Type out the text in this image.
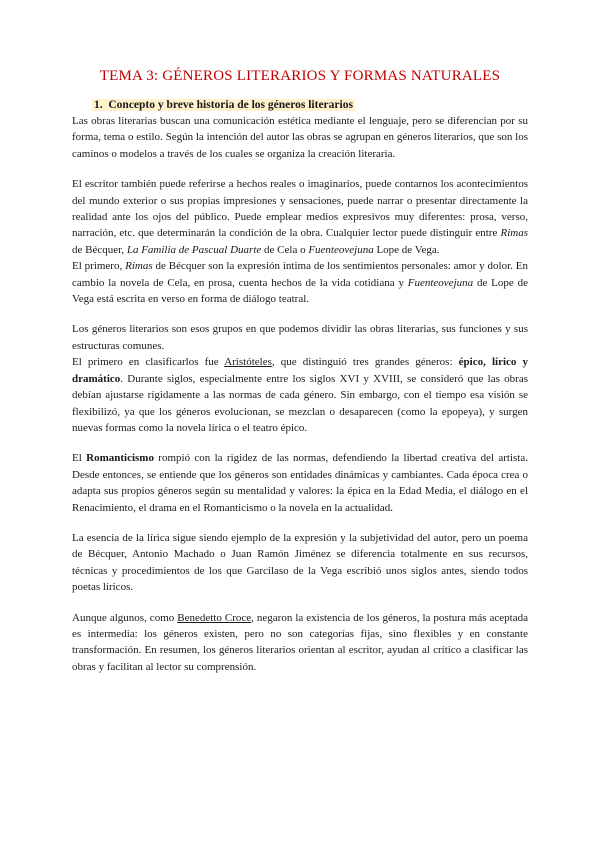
TEMA 3: GÉNEROS LITERARIOS Y FORMAS NATURALES
1. Concepto y breve historia de los géneros literarios

Las obras literarias buscan una comunicación estética mediante el lenguaje, pero se diferencian por su forma, tema o estilo. Según la intención del autor las obras se agrupan en géneros literarios, que son los caminos o modelos a través de los cuales se organiza la creación literaria.

El escritor también puede referirse a hechos reales o imaginarios, puede contarnos los acontecimientos del mundo exterior o sus propias impresiones y sensaciones, puede narrar o presentar directamente la realidad ante los ojos del público. Puede emplear medios expresivos muy diferentes: prosa, verso, narración, etc. que determinarán la condición de la obra. Cualquier lector puede distinguir entre Rimas de Bécquer, La Familia de Pascual Duarte de Cela o Fuenteovejuna Lope de Vega.

El primero, Rimas de Bécquer son la expresión íntima de los sentimientos personales: amor y dolor. En cambio la novela de Cela, en prosa, cuenta hechos de la vida cotidiana y Fuenteovejuna de Lope de Vega está escrita en verso en forma de diálogo teatral.

Los géneros literarios son esos grupos en que podemos dividir las obras literarias, sus funciones y sus estructuras comunes.

El primero en clasificarlos fue Aristóteles, que distinguió tres grandes géneros: épico, lírico y dramático. Durante siglos, especialmente entre los siglos XVI y XVIII, se consideró que las obras debían ajustarse rígidamente a las normas de cada género. Sin embargo, con el tiempo esa visión se flexibilizó, ya que los géneros evolucionan, se mezclan o desaparecen (como la epopeya), y surgen nuevas formas como la novela lírica o el teatro épico.

El Romanticismo rompió con la rigidez de las normas, defendiendo la libertad creativa del artista. Desde entonces, se entiende que los géneros son entidades dinámicas y cambiantes. Cada época crea o adapta sus propios géneros según su mentalidad y valores: la épica en la Edad Media, el diálogo en el Renacimiento, el drama en el Romanticismo o la novela en la actualidad.

La esencia de la lírica sigue siendo ejemplo de la expresión y la subjetividad del autor, pero un poema de Bécquer, Antonio Machado o Juan Ramón Jiménez se diferencia totalmente en sus recursos, técnicas y procedimientos de los que Garcilaso de la Vega escribió unos siglos antes, siendo todos poetas líricos.

Aunque algunos, como Benedetto Croce, negaron la existencia de los géneros, la postura más aceptada es intermedia: los géneros existen, pero no son categorías fijas, sino flexibles y en constante transformación. En resumen, los géneros literarios orientan al escritor, ayudan al crítico a clasificar las obras y facilitan al lector su comprensión.
